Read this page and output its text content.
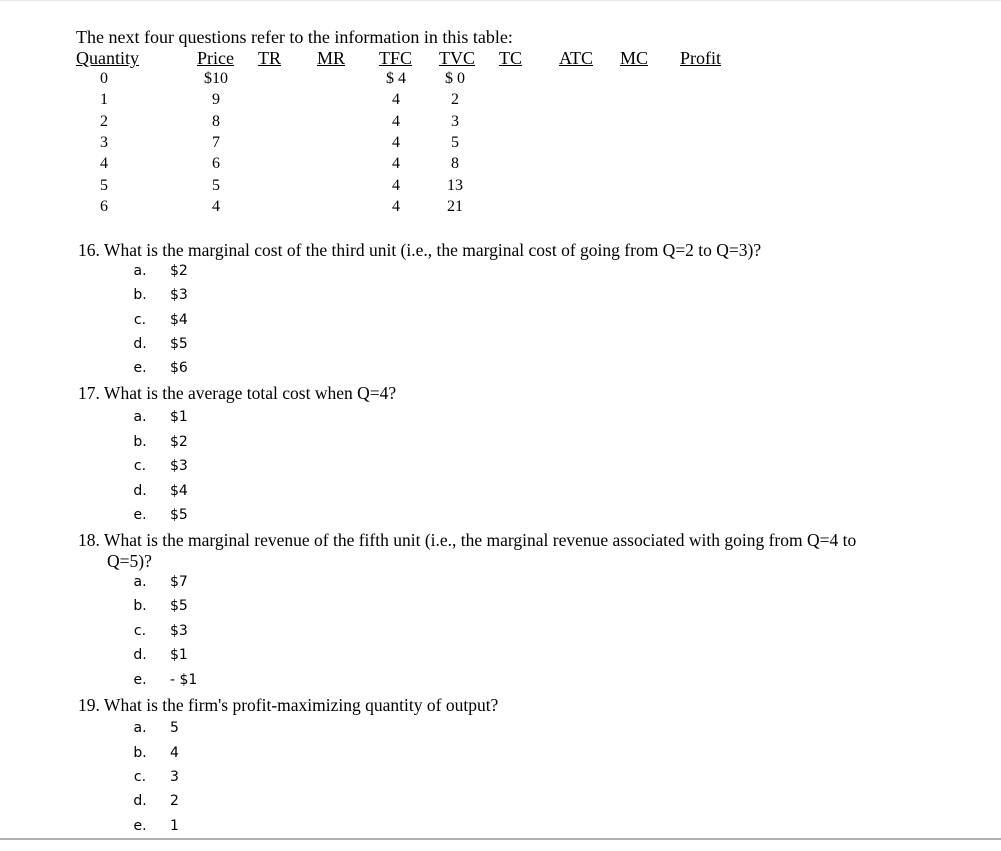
The next four questions refer to the information in this table:
Quantity	Price TR MR TFC TVC TC ATC MC Profit
0
1
2
3
4
5
6
$10
9
8
7
6
5
4
$ 4
4
4
4
4
4
4
$ 0
2
3
5
8
13
21
16. What is the marginal cost of the third unit (i.e., the marginal cost of going from Q=2 to Q=3)?
a. $2
b. $3
c. $4
d. $5
e. $6
17. What is the average total cost when Q=4?
a. $1
b. $2
c. $3
d. $4
e. $5
18. What is the marginal revenue of the fifth unit (i.e., the marginal revenue associated with going from Q=4 to
Q=5)?
a. $7
b. $5
c. $3
d. $1
e. - $1
19. What is the firm's profit-maximizing quantity of output?
a. 5
b. 4
c. 3
d. 2
e. 1
